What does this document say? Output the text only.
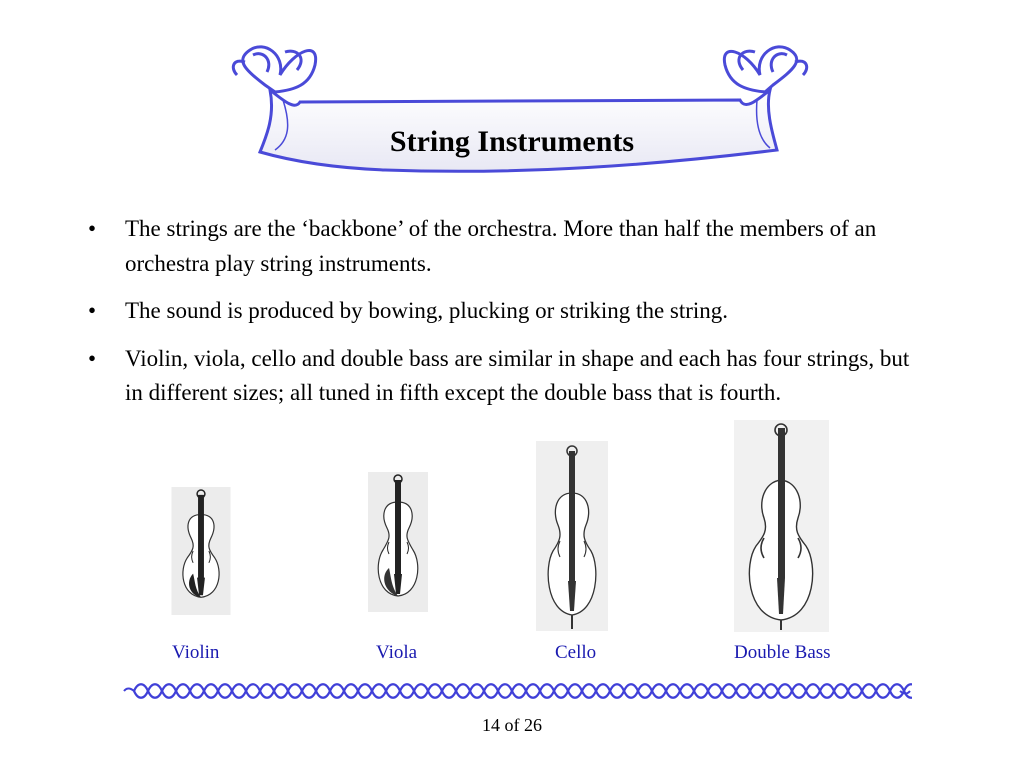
String Instruments
• The strings are the ‘backbone’ of the orchestra. More than half the members of an orchestra play string instruments.
• The sound is produced by bowing, plucking or striking the string.
• Violin, viola, cello and double bass are similar in shape and each has four strings, but in different sizes; all tuned in fifth except the double bass that is fourth.
Violin	Viola	Cello	Double Bass
14 of 26
